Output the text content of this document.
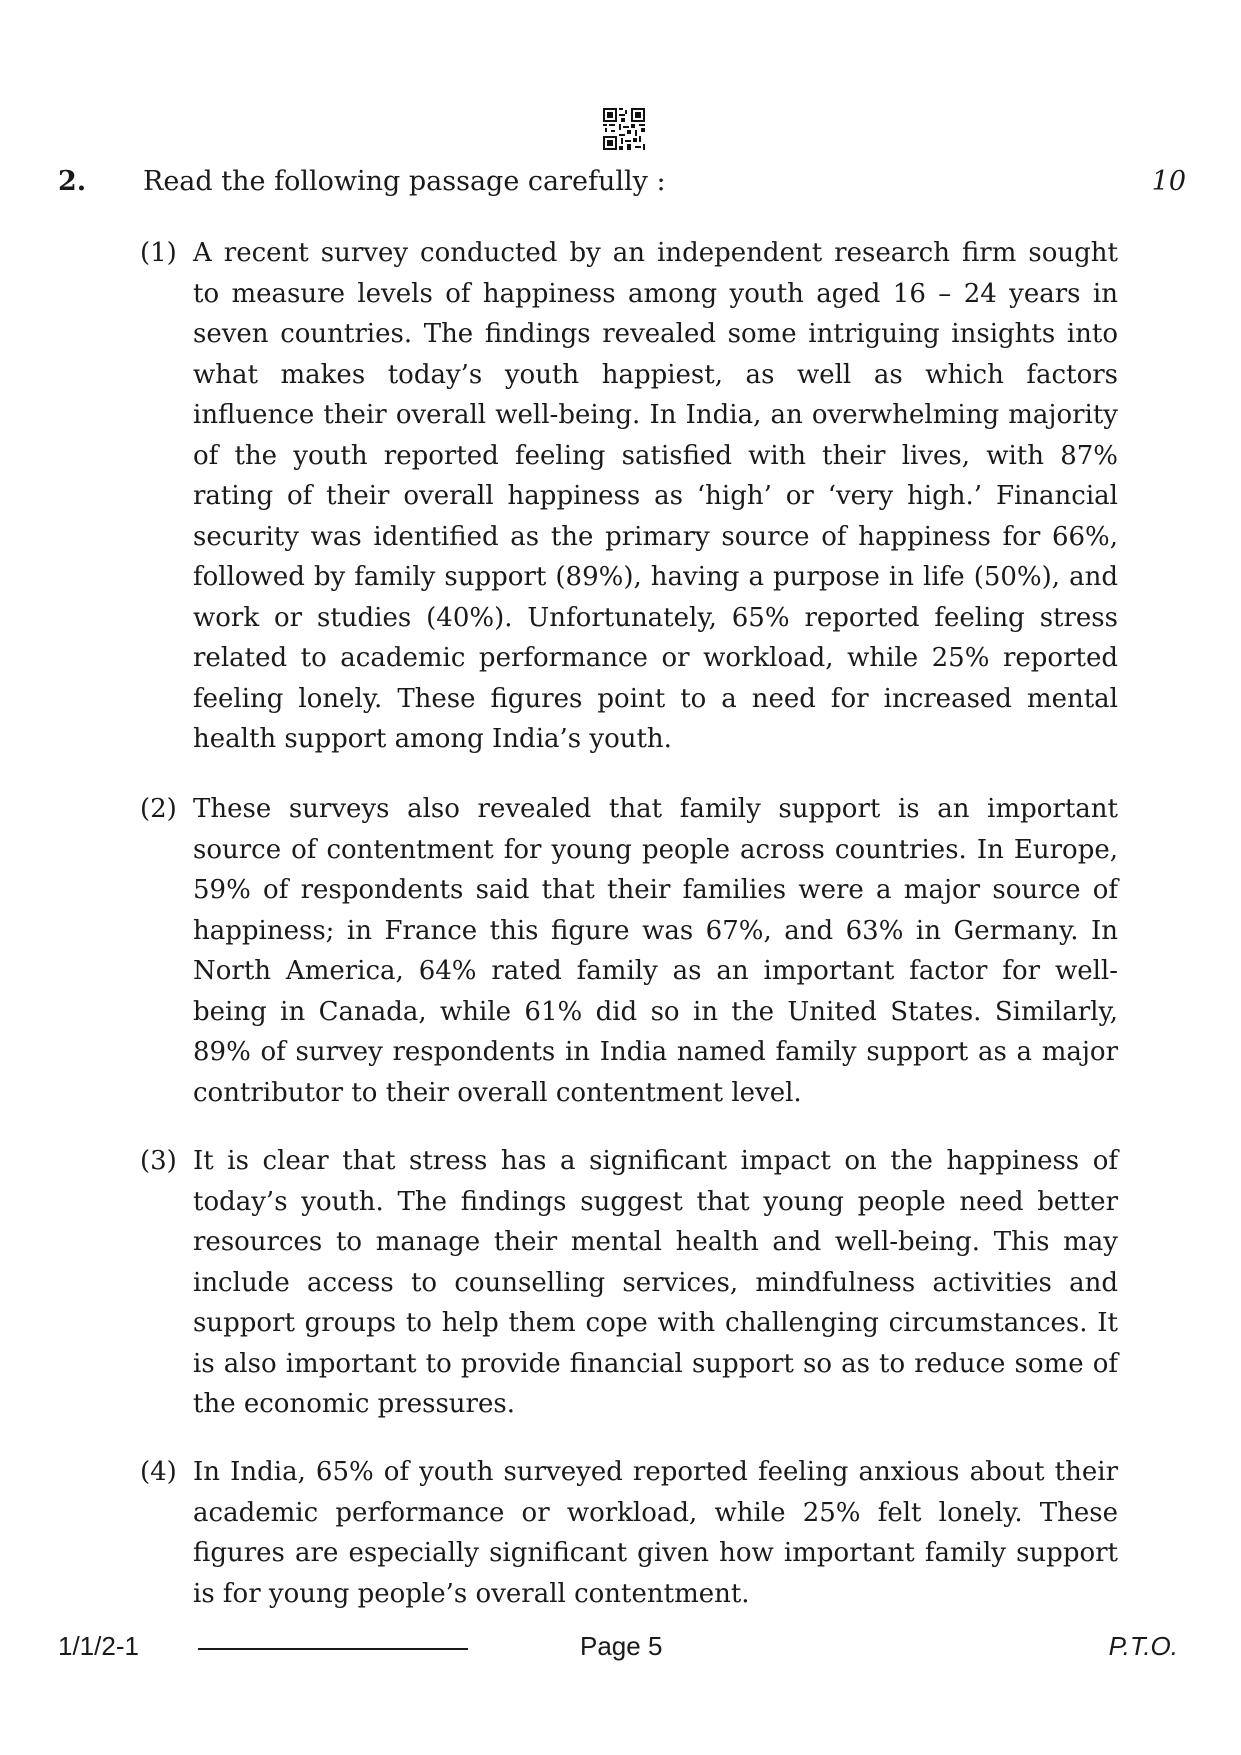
2. Read the following passage carefully :	10
(1) A recent survey conducted by an independent research firm sought to measure levels of happiness among youth aged 16 – 24 years in seven countries. The findings revealed some intriguing insights into what makes today’s youth happiest, as well as which factors influence their overall well-being. In India, an overwhelming majority of the youth reported feeling satisfied with their lives, with 87% rating of their overall happiness as ‘high’ or ‘very high.’ Financial security was identified as the primary source of happiness for 66%, followed by family support (89%), having a purpose in life (50%), and work or studies (40%). Unfortunately, 65% reported feeling stress related to academic performance or workload, while 25% reported feeling lonely. These figures point to a need for increased mental health support among India’s youth.
(2) These surveys also revealed that family support is an important source of contentment for young people across countries. In Europe, 59% of respondents said that their families were a major source of happiness; in France this figure was 67%, and 63% in Germany. In North America, 64% rated family as an important factor for well-being in Canada, while 61% did so in the United States. Similarly, 89% of survey respondents in India named family support as a major contributor to their overall contentment level.
(3) It is clear that stress has a significant impact on the happiness of today’s youth. The findings suggest that young people need better resources to manage their mental health and well-being. This may include access to counselling services, mindfulness activities and support groups to help them cope with challenging circumstances. It is also important to provide financial support so as to reduce some of the economic pressures.
(4) In India, 65% of youth surveyed reported feeling anxious about their academic performance or workload, while 25% felt lonely. These figures are especially significant given how important family support is for young people’s overall contentment.
1/1/2-1	Page 5	P.T.O.
